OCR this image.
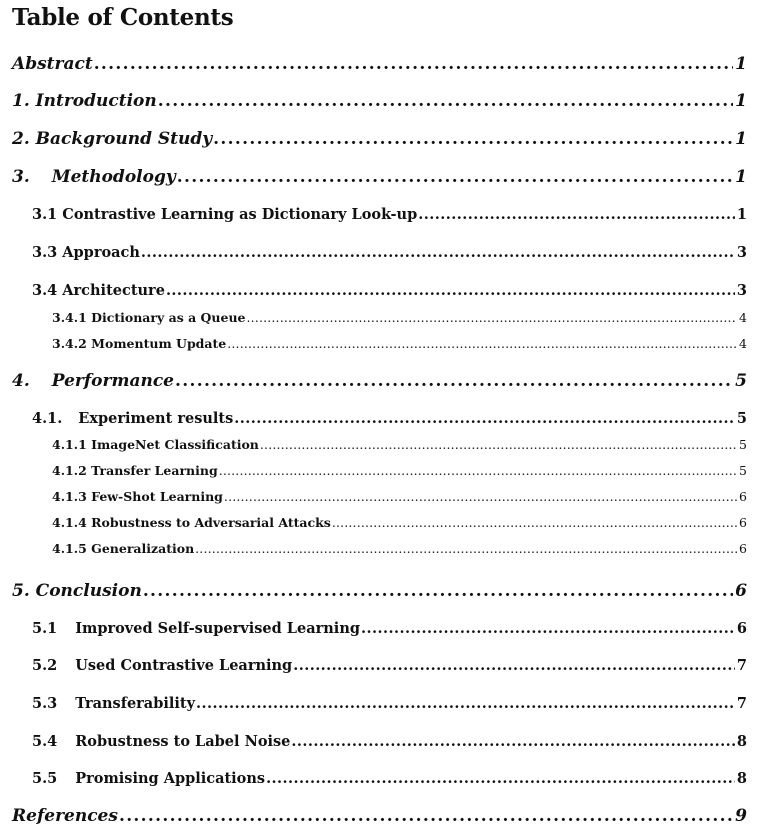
Table of Contents
Abstract . . .	1
1. Introduction . . .	1
2. Background Study . . .	1
3. Methodology . . .	1
3.1 Contrastive Learning as Dictionary Look-up . . .	1
3.3 Approach . . .	3
3.4 Architecture . . .	3
3.4.1 Dictionary as a Queue . . .	4
3.4.2 Momentum Update . . .	4
4. Performance . . .	5
4.1. Experiment results . . .	5
4.1.1 ImageNet Classification . . .	5
4.1.2 Transfer Learning . . .	5
4.1.3 Few-Shot Learning . . .	6
4.1.4 Robustness to Adversarial Attacks . . .	6
4.1.5 Generalization . . .	6
5. Conclusion . . .	6
5.1 Improved Self-supervised Learning . . .	6
5.2 Used Contrastive Learning . . .	7
5.3 Transferability . . .	7
5.4 Robustness to Label Noise . . .	8
5.5 Promising Applications . . .	8
References . . .	9
